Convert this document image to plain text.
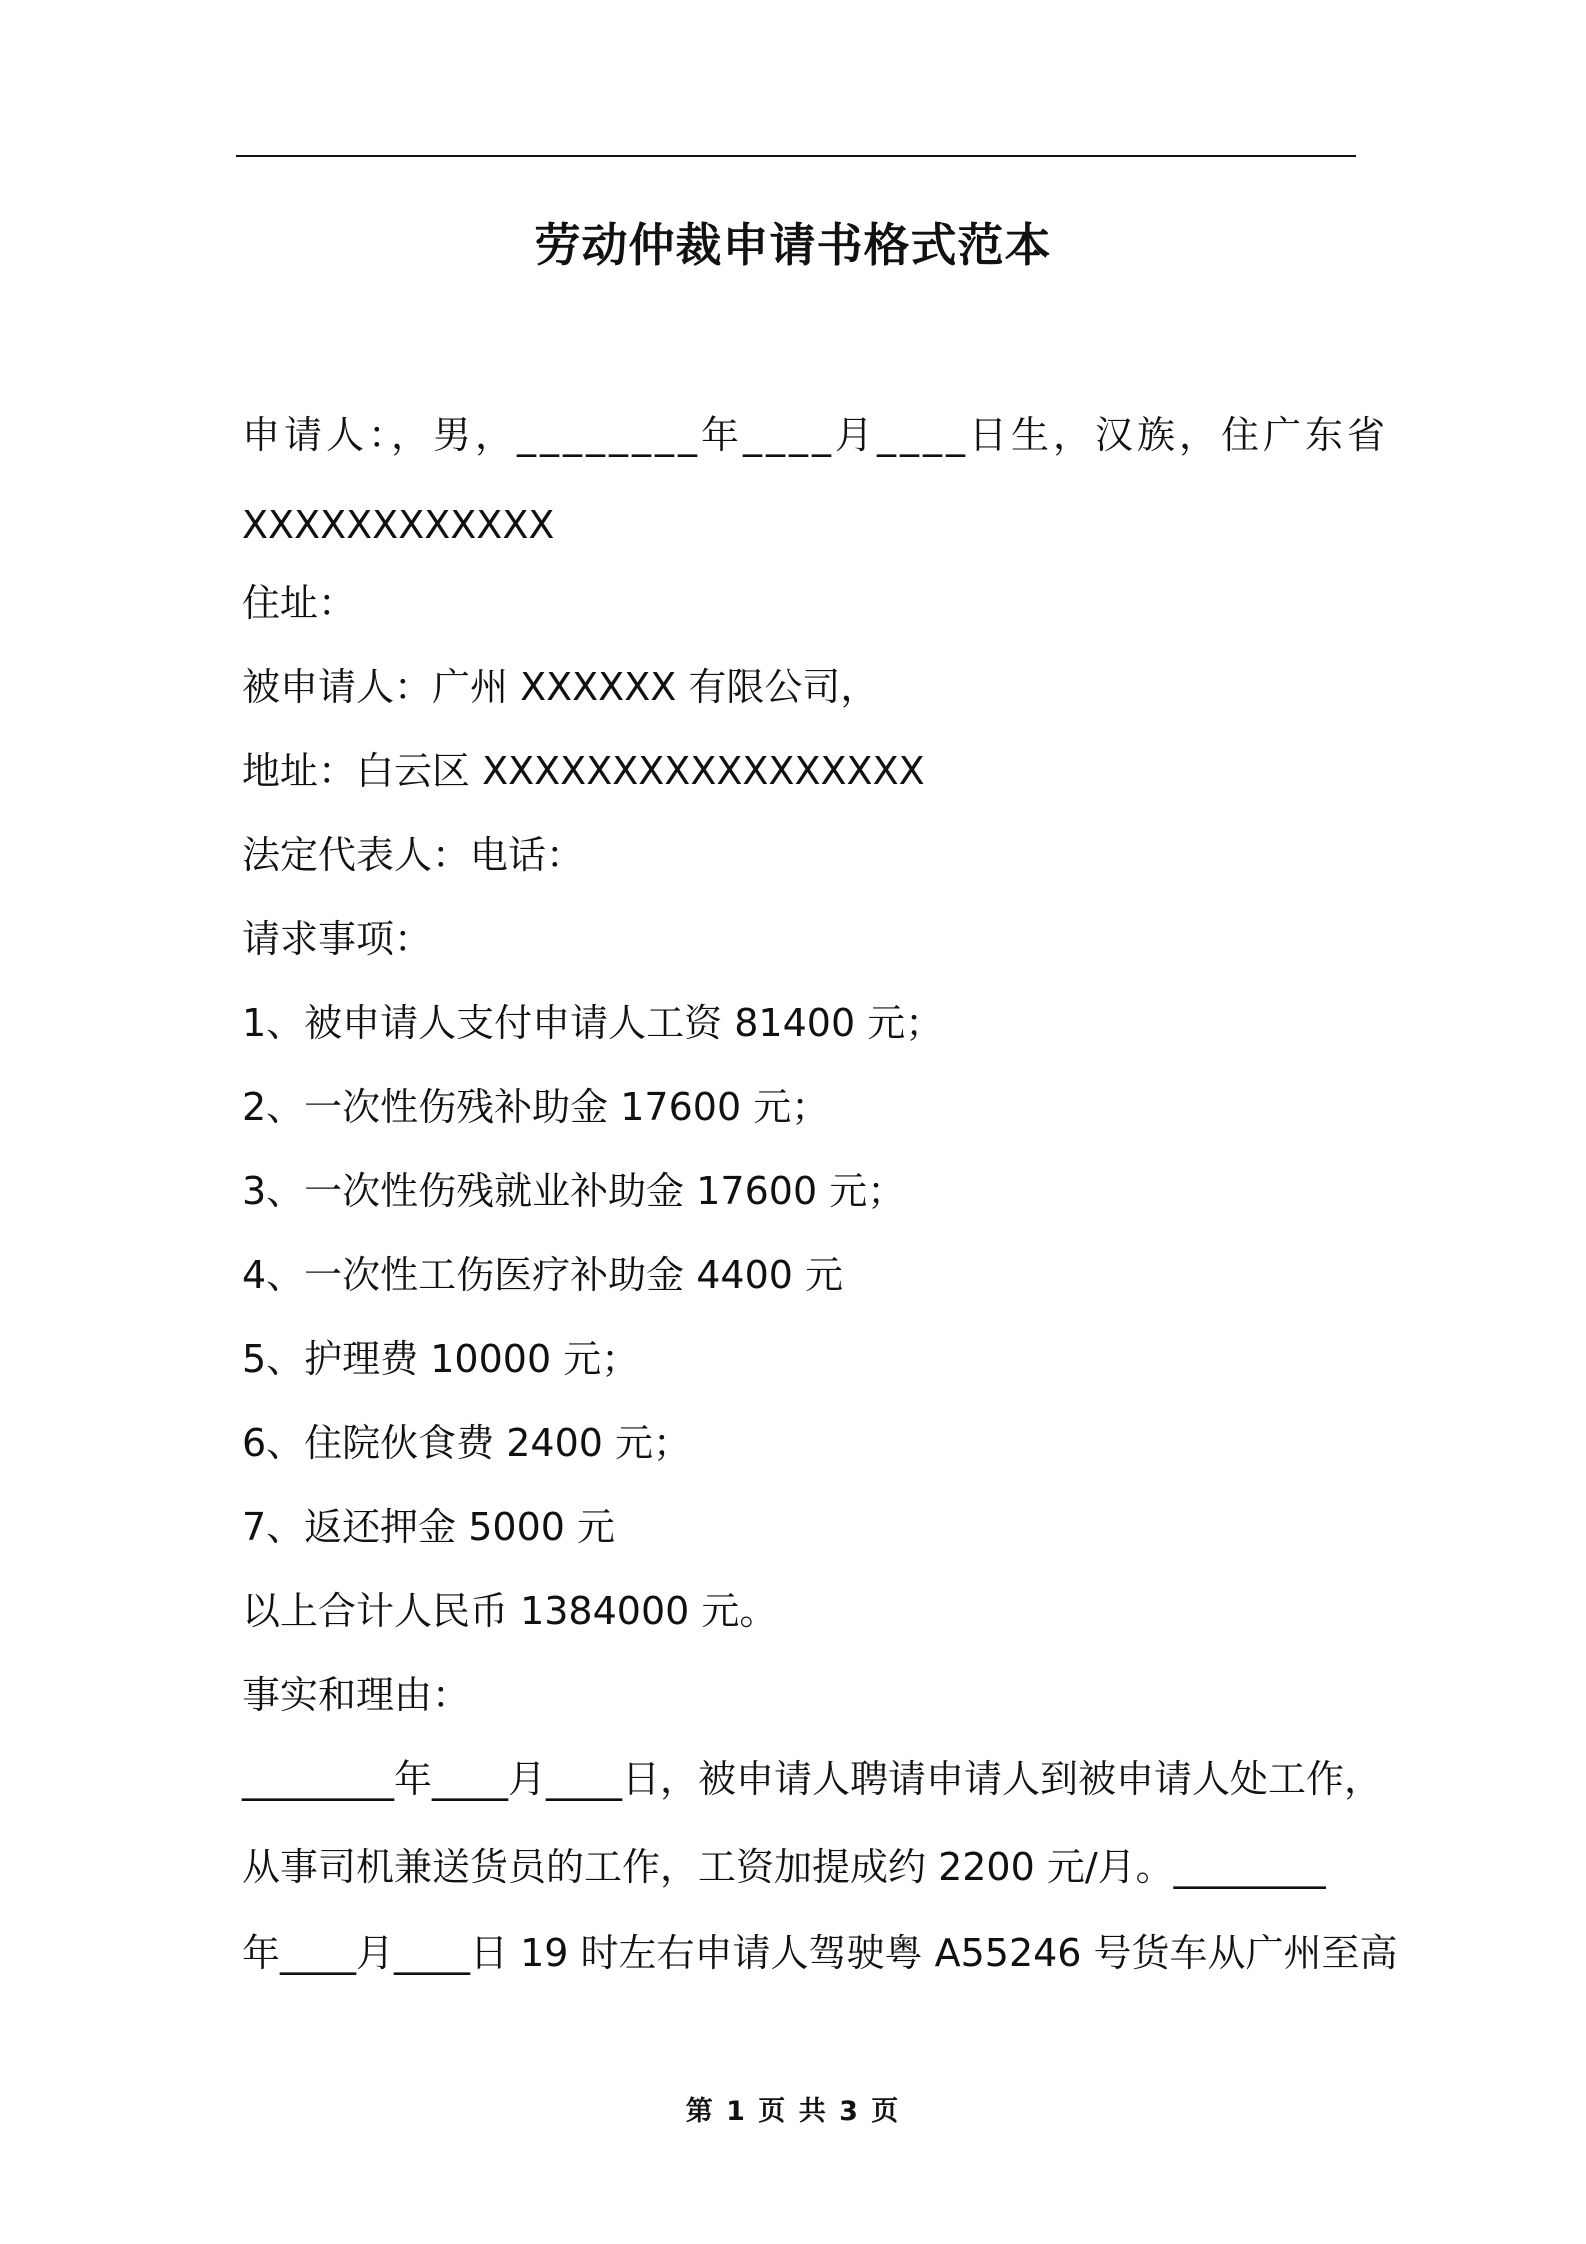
劳动仲裁申请书格式范本
申请人：，男，________年____月____日生，汉族，住广东省
XXXXXXXXXXXX
住址：
被申请人：广州 XXXXXX 有限公司，
地址：白云区 XXXXXXXXXXXXXXXXX
法定代表人：电话：
请求事项：
1、被申请人支付申请人工资 81400 元；
2、一次性伤残补助金 17600 元；
3、一次性伤残就业补助金 17600 元；
4、一次性工伤医疗补助金 4400 元
5、护理费 10000 元；
6、住院伙食费 2400 元；
7、返还押金 5000 元
以上合计人民币 1384000 元。
事实和理由：
________年____月____日，被申请人聘请申请人到被申请人处工作，
从事司机兼送货员的工作，工资加提成约 2200 元/月。________
年____月____日 19 时左右申请人驾驶粤 A55246 号货车从广州至高
第 1 页 共 3 页
